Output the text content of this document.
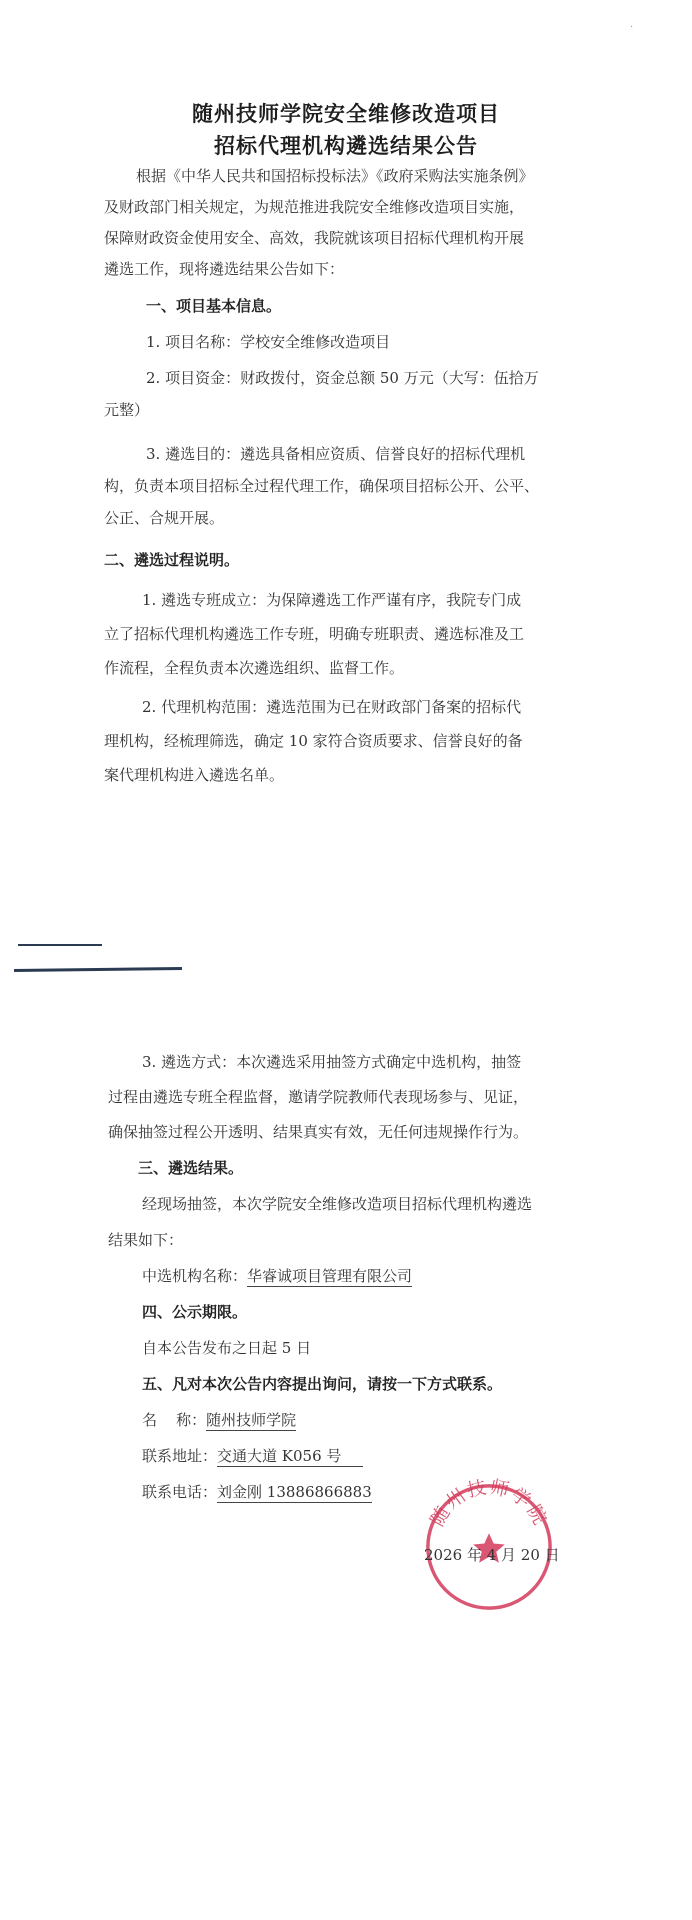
·
随州技师学院安全维修改造项目
招标代理机构遴选结果公告
根据《中华人民共和国招标投标法》《政府采购法实施条例》
及财政部门相关规定，为规范推进我院安全维修改造项目实施，
保障财政资金使用安全、高效，我院就该项目招标代理机构开展
遴选工作，现将遴选结果公告如下：
一、项目基本信息。
1. 项目名称：学校安全维修改造项目
2. 项目资金：财政拨付，资金总额 50 万元（大写：伍拾万
元整）
3. 遴选目的：遴选具备相应资质、信誉良好的招标代理机
构，负责本项目招标全过程代理工作，确保项目招标公开、公平、
公正、合规开展。
二、遴选过程说明。
1. 遴选专班成立：为保障遴选工作严谨有序，我院专门成
立了招标代理机构遴选工作专班，明确专班职责、遴选标准及工
作流程，全程负责本次遴选组织、监督工作。
2. 代理机构范围：遴选范围为已在财政部门备案的招标代
理机构，经梳理筛选，确定 10 家符合资质要求、信誉良好的备
案代理机构进入遴选名单。
3. 遴选方式：本次遴选采用抽签方式确定中选机构，抽签
过程由遴选专班全程监督，邀请学院教师代表现场参与、见证，
确保抽签过程公开透明、结果真实有效，无任何违规操作行为。
三、遴选结果。
经现场抽签，本次学院安全维修改造项目招标代理机构遴选
结果如下：
中选机构名称：华睿诚项目管理有限公司
四、公示期限。
自本公告发布之日起 5 日
五、凡对本次公告内容提出询问，请按一下方式联系。
名    称：随州技师学院
联系地址：交通大道 K056 号
联系电话：刘金刚 13886866883
随州技师学院
2026 年 4 月 20 日
